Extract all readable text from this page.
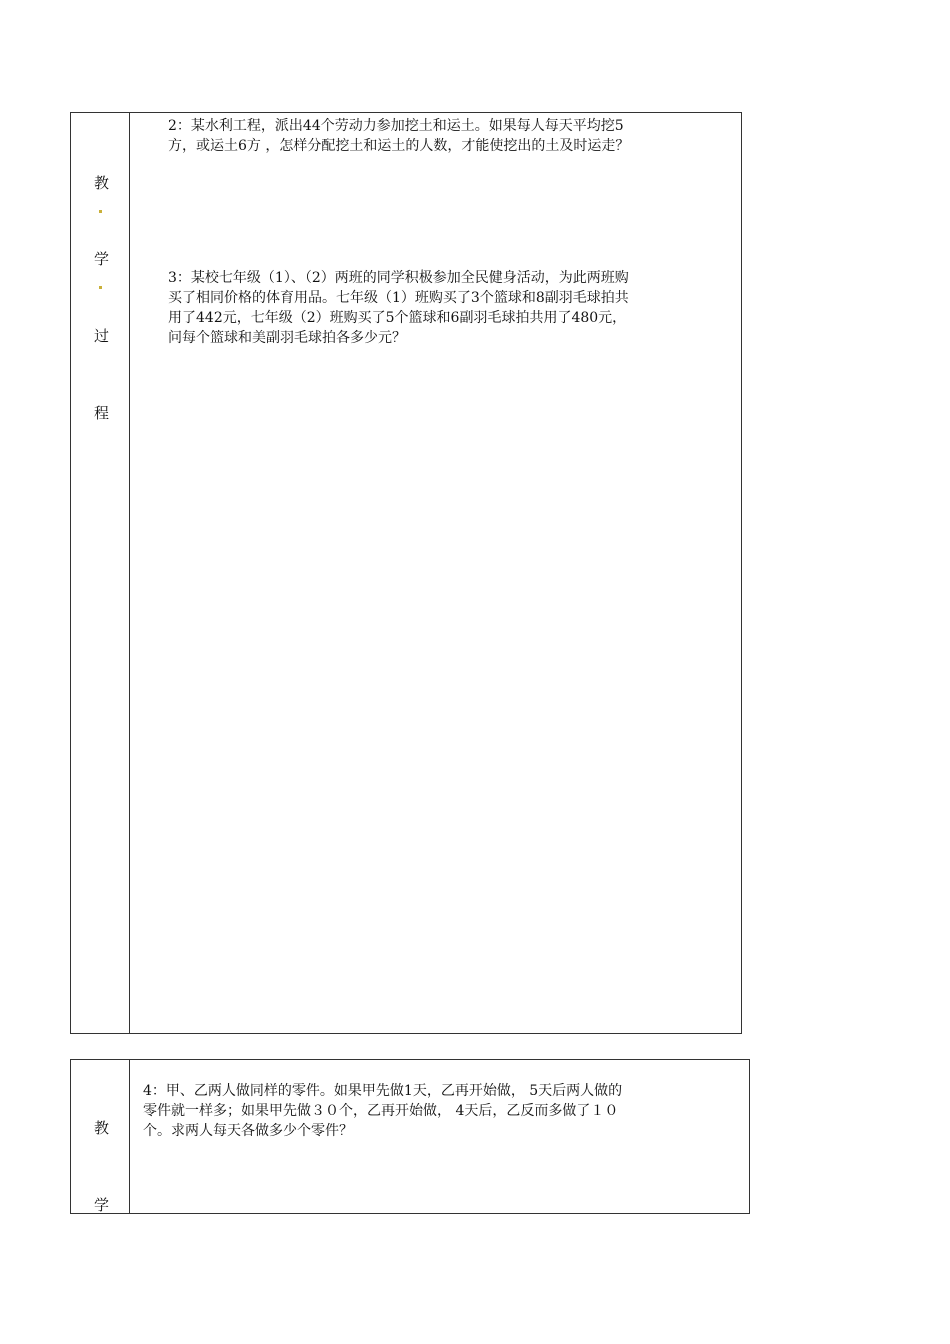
教
学
过
程

2：某水利工程，派出44个劳动力参加挖土和运土。如果每人每天平均挖5
方，或运土6方 ，怎样分配挖土和运土的人数，才能使挖出的土及时运走？

3：某校七年级（1）、（2）两班的同学积极参加全民健身活动，为此两班购
买了相同价格的体育用品。七年级（1）班购买了3个篮球和8副羽毛球拍共
用了442元，七年级（2）班购买了5个篮球和6副羽毛球拍共用了480元，
问每个篮球和美副羽毛球拍各多少元？

教
学

4：甲、乙两人做同样的零件。如果甲先做1天，乙再开始做， 5天后两人做的
零件就一样多；如果甲先做３０个，乙再开始做， 4天后，乙反而多做了１０
个。求两人每天各做多少个零件？
